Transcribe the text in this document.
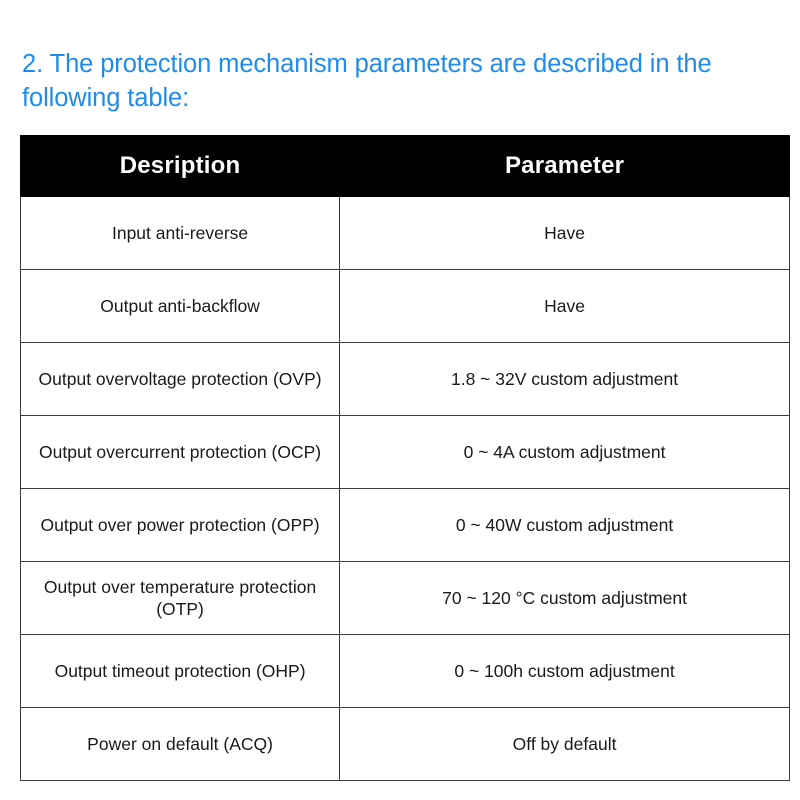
2. The protection mechanism parameters are described in the following table:

Desription	Parameter
Input anti-reverse	Have
Output anti-backflow	Have
Output overvoltage protection (OVP)	1.8 ~ 32V custom adjustment
Output overcurrent protection (OCP)	0 ~ 4A custom adjustment
Output over power protection (OPP)	0 ~ 40W custom adjustment
Output over temperature protection (OTP)	70 ~ 120 °C custom adjustment
Output timeout protection (OHP)	0 ~ 100h custom adjustment
Power on default (ACQ)	Off by default
